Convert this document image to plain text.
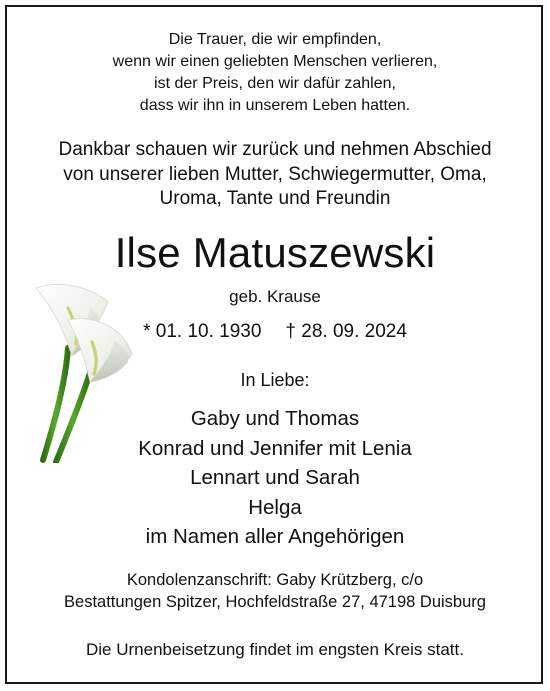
Die Trauer, die wir empfinden,
wenn wir einen geliebten Menschen verlieren,
ist der Preis, den wir dafür zahlen,
dass wir ihn in unserem Leben hatten.
Dankbar schauen wir zurück und nehmen Abschied
von unserer lieben Mutter, Schwiegermutter, Oma,
Uroma, Tante und Freundin
Ilse Matuszewski
geb. Krause
* 01. 10. 1930 † 28. 09. 2024
In Liebe:
Gaby und Thomas
Konrad und Jennifer mit Lenia
Lennart und Sarah
Helga
im Namen aller Angehörigen
Kondolenzanschrift: Gaby Krützberg, c/o
Bestattungen Spitzer, Hochfeldstraße 27, 47198 Duisburg
Die Urnenbeisetzung findet im engsten Kreis statt.
